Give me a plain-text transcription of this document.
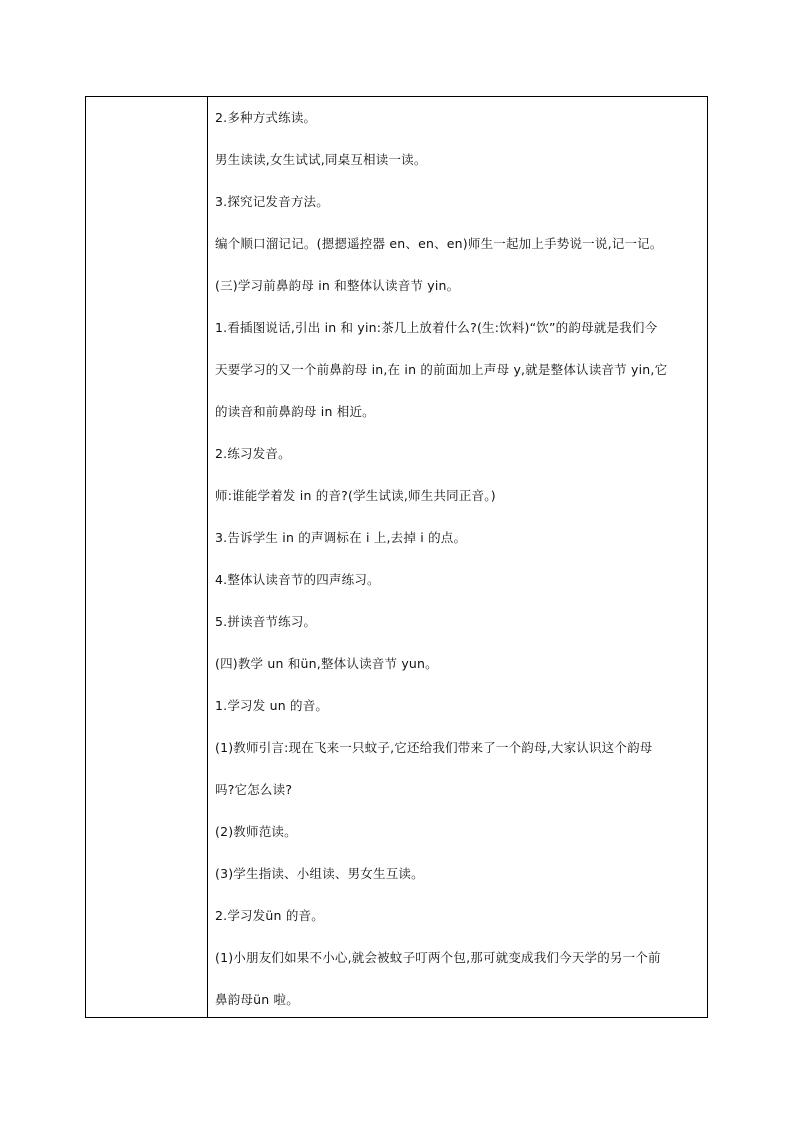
2.多种方式练读。
男生读读,女生试试,同桌互相读一读。
3.探究记发音方法。
编个顺口溜记记。(摁摁遥控器 en、en、en)师生一起加上手势说一说,记一记。
(三)学习前鼻韵母 in 和整体认读音节 yin。
1.看插图说话,引出 in 和 yin:茶几上放着什么?(生:饮料)“饮”的韵母就是我们今
天要学习的又一个前鼻韵母 in,在 in 的前面加上声母 y,就是整体认读音节 yin,它
的读音和前鼻韵母 in 相近。
2.练习发音。
师:谁能学着发 in 的音?(学生试读,师生共同正音。)
3.告诉学生 in 的声调标在 i 上,去掉 i 的点。
4.整体认读音节的四声练习。
5.拼读音节练习。
(四)教学 un 和ün,整体认读音节 yun。
1.学习发 un 的音。
(1)教师引言:现在飞来一只蚊子,它还给我们带来了一个韵母,大家认识这个韵母
吗?它怎么读?
(2)教师范读。
(3)学生指读、小组读、男女生互读。
2.学习发ün 的音。
(1)小朋友们如果不小心,就会被蚊子叮两个包,那可就变成我们今天学的另一个前
鼻韵母ün 啦。
